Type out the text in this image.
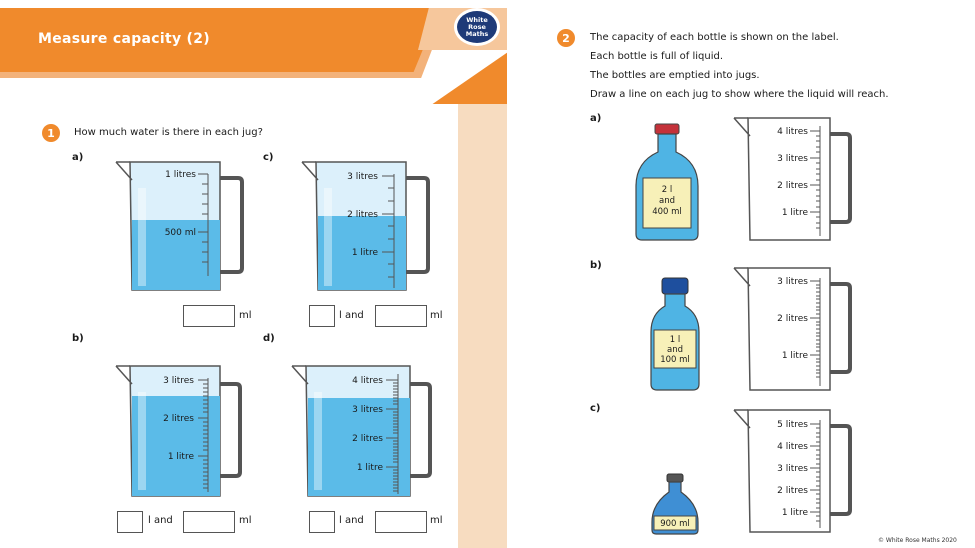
Measure capacity (2)
White
Rose
Maths
1	How much water is there in each jug?
a)	c)
b)	d)
1 litres
500 ml
ml
3 litres
2 litres
1 litre
l and	ml
3 litres
2 litres
1 litre
l and	ml
4 litres
3 litres
2 litres
1 litre
l and	ml
2	The capacity of each bottle is shown on the label.
Each bottle is full of liquid.
The bottles are emptied into jugs.
Draw a line on each jug to show where the liquid will reach.
a)
b)
c)
2 l
and
400 ml
4 litres
3 litres
2 litres
1 litre
1 l
and
100 ml
3 litres
2 litres
1 litre
900 ml
5 litres
4 litres
3 litres
2 litres
1 litre
© White Rose Maths 2020
